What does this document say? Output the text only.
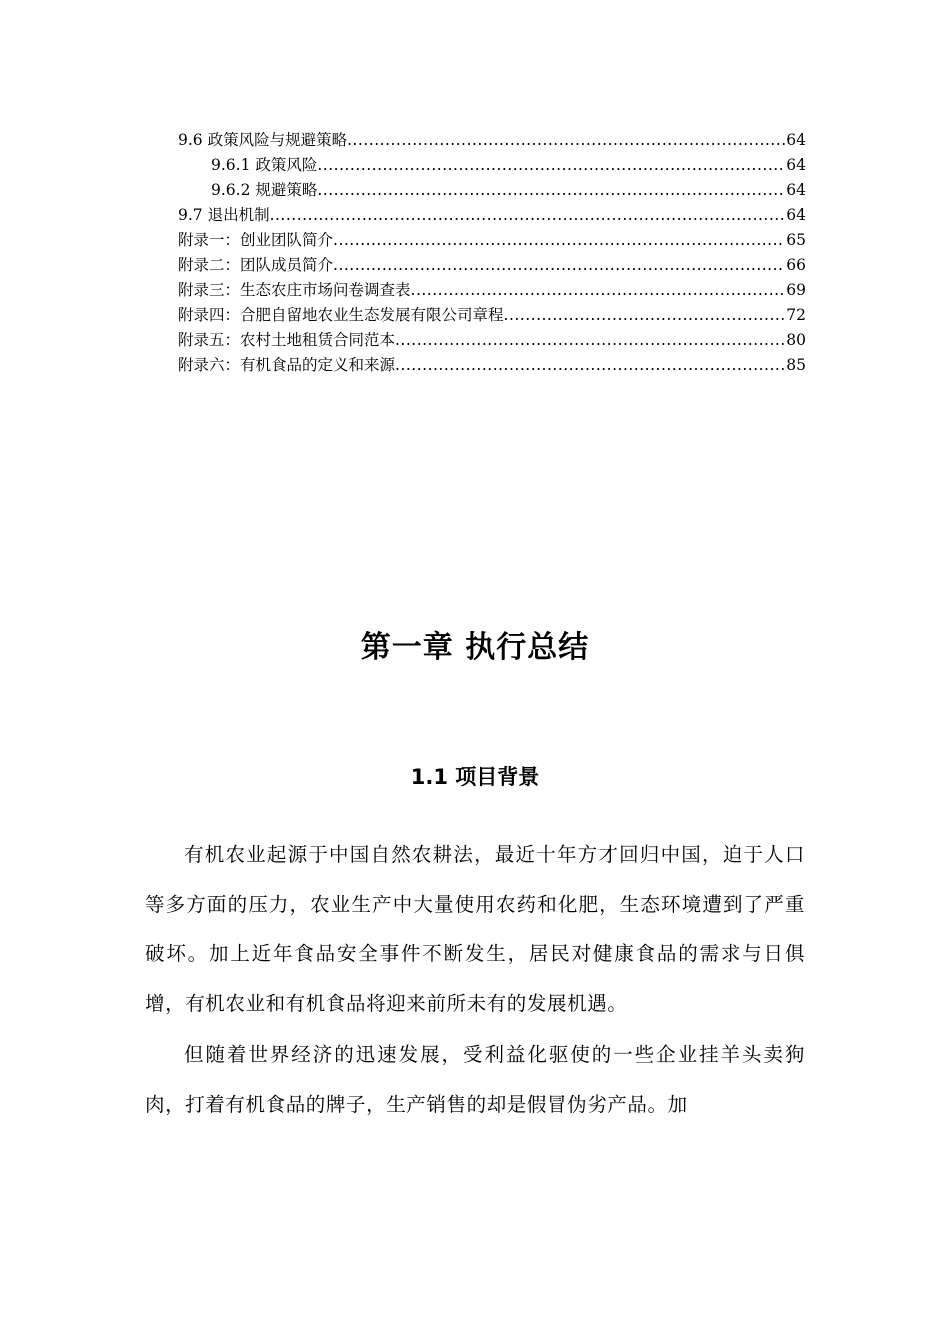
9.6 政策风险与规避策略 .....	64
9.6.1 政策风险 .....	64
9.6.2 规避策略 .....	64
9.7 退出机制 .....	64
附录一：创业团队简介 .....	65
附录二：团队成员简介 .....	66
附录三：生态农庄市场问卷调查表 .....	69
附录四：合肥自留地农业生态发展有限公司章程 .....	72
附录五：农村土地租赁合同范本 .....	80
附录六：有机食品的定义和来源 .....	85
第一章 执行总结
1.1 项目背景

有机农业起源于中国自然农耕法，最近十年方才回归中国，迫于人口等多方面的压力，农业生产中大量使用农药和化肥，生态环境遭到了严重破坏。加上近年食品安全事件不断发生，居民对健康食品的需求与日俱增，有机农业和有机食品将迎来前所未有的发展机遇。

但随着世界经济的迅速发展，受利益化驱使的一些企业挂羊头卖狗肉，打着有机食品的牌子，生产销售的却是假冒伪劣产品。加
